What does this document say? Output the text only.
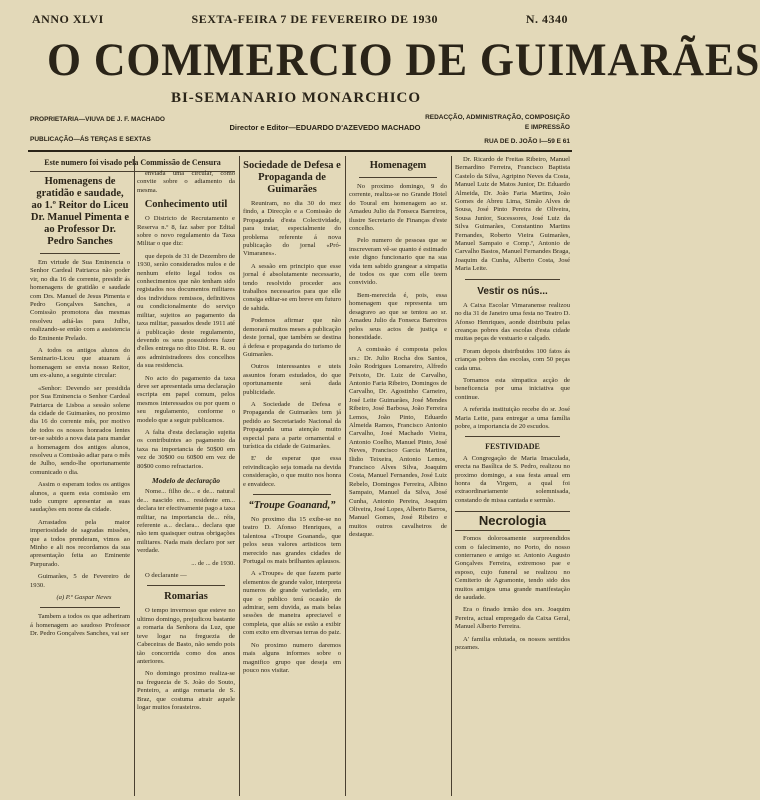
ANNO XLVI	SEXTA-FEIRA 7 DE FEVEREIRO DE 1930	N. 4340
O COMMERCIO DE GUIMARÃES
BI-SEMANARIO MONARCHICO
PROPRIETARIA—VIUVA DE J. F. MACHADO
PUBLICAÇÃO—ÁS TERÇAS E SEXTAS
Director e Editor—EDUARDO D'AZEVEDO MACHADO
REDACÇÃO, ADMINISTRAÇÃO, COMPOSIÇÃO E IMPRESSÃO
RUA DE D. JOÃO I—59 E 61
Este numero foi visado pela Commissão de Censura
Homenagens de gratidão e saudade, ao 1.º Reitor do Liceu Dr. Manuel Pimenta e ao Professor Dr. Pedro Sanches

Em virtude de Sua Eminencia o Senhor Cardeal Patriarca não poder vir, no dia 16 de corrente, presidir ás homenagens de gratidão e saudade com Drs. Manuel de Jesus Pimenta e Pedro Gonçalves Sanches, a Comissão promotora das mesmas resolveu adiá-las para Julho, realizando-se então com a assistencia do Eminente Prelado.

A todos os antigos alunos do Seminario-Liceu que atuaram á homenagem se envia nosso Reitor, um ex-aluno, a seguinte circular:

«Senhor: Devendo ser presidida por Sua Eminencia o Senhor Cardeal Patriarca de Lisboa a sessão solene da cidade de Guimarães, no proximo dia 16 do corrente mês, por motivo de todos os nossos honrados lentes ter-se sabido a nova data para mandar a homenagem dos antigos alunos, resolveu a Comissão adiar para o mês de Julho, sendo-lhe oportunamente comunicado o dia.

Assim o esperam todos os antigos alunos, a quem esta comissão em tudo cumpre apresentar as suas saudações em nome da cidade.

Arrastados pela maior imperiosidade de sagradas missões, que a todos prenderam, vimos ao Minho e ali nos recordamos da sua apresentação feita ao Eminente Purpurado.

Guimarães, 5 de Fevereiro de 1930.

(a) P.º Gaspar Neves

Tambem a todos os que adheriram á homenagem ao saudoso Professor Dr. Pedro Gonçalves Sanches, vai ser

enviada uma circular, como convite sobre o adiamento da mesma.

Conhecimento util

O Districto de Recrutamento e Reserva n.º 8, faz saber por Edital sobre o novo regulamento da Taxa Militar o que diz:

que depois de 31 de Dezembro de 1930, serão considerados nulos e de nenhum efeito legal todos os conhecimentos que não tenham sido registados nos documentos militares dos individuos remissos, definitivos ou condicionalmente do serviço militar, sujeitos ao pagamento da taxa militar, passados desde 1911 até á publicação deste regulamento, devendo os seus possuidores fazer d'elles entrega no dito Dist. R. R. ou aos administradores dos concelhos da sua residencia.

No acto do pagamento da taxa deve ser apresentada uma declaração escripta em papel comum, pelos mesmos interessados ou por quem o seu regulamento, conforme o modelo que a seguir publicamos.

A falta d'esta declaração sujeita os contribuintes ao pagamento da taxa na importancia de 50$00 em vez de 30$00 ou 60$00 em vez de 80$00 como refractarios.

Modelo de declaração

Nome... filho de... e de... natural de... nascido em... residente em... declara ter efectivamente pago a taxa militar, na importancia de... réis, referente a... declara... declara que não tem quaisquer outras obrigações militares. Nada mais declaro por ser verdade.

... de ... de 1930.

O declarante —

Romarias

O tempo invernoso que esteve no ultimo domingo, prejudicou bastante a romaria da Senhora da Luz, que teve logar na freguezia de Cabeceiras de Basto, não sendo pois tão concorrida como dos anos anteriores.

No domingo proximo realiza-se na freguezia de S. João do Souto, Penteiro, a antiga romaria de S. Braz, que costuma atrair aquele logar muitos forasteiros.

Sociedade de Defesa e Propaganda de Guimarães

Reuniram, no dia 30 do mez findo, a Direcção e a Comissão de Propaganda d'esta Colectividade, para tratar, especialmente do problema referente á nova publicação do jornal «Pró-Vimaranes».

A sessão em principio que esse jornal é absolutamente necessario, tendo resolvido proceder aos trabalhos necessarios para que elle consiga editar-se em breve em futuro de sahida.

Podemos afirmar que não demorará muitos meses a publicação deste jornal, que também se destina á defesa e propaganda do turismo de Guimarães.

Outros interessantes e uteis assuntos foram estudados, do que oportunamente será dada publicidade.

A Sociedade de Defesa e Propaganda de Guimarães tem já pedido ao Secretariado Nacional da Propaganda uma atenção muito especial para a parte ornamental e turística da cidade de Guimarães.

E' de esperar que essa reivindicação seja tomada na devida consideração, o que muito nos honra e envaidece.

“Troupe Goanand,”

No proximo dia 15 exibe-se no teatro D. Afonso Henriques, a talentosa «Troupe Goanand», que pelos seus valores artisticos tem merecido nas grandes cidades de Portugal os mais brilhantes aplausos.

A «Troupe» de que fazem parte elementos de grande valor, interpreta numeros de grande variedade, em que o publico terá ocasião de admirar, sem duvida, as mais belas sessões de maneira apreciavel e completa, que aliás se estão a exibir com exito em diversas terras do paiz.

No proximo numero daremos mais alguns informes sobre o magnifico grupo que deseja em pouco nos visitar.

Homenagem

No proximo domingo, 9 do corrente, realiza-se no Grande Hotel do Toural em homenagem ao sr. Amadeu Julio da Fonseca Barreiros, ilustre Secretario de Finanças d'este concelho.

Pelo numero de pessoas que se inscreveram vê-se quanto é estimado este digno funcionario que na sua vida tem sabido grangear a simpatia de todos os que com elle teem convivido.

Bem-merecida é, pois, essa homenagem que representa um desagravo ao que se tentou ao sr. Amadeu Julio da Fonseca Barreiros pelos seus actos de justiça e honestidade.

A comissão é composta pelos srs.: Dr. Julio Rocha dos Santos, João Rodrigues Lomareiro, Alfredo Peixoto, Dr. Luiz de Carvalho, Antonio Faria Ribeiro, Domingos de Carvalho, Dr. Agostinho Carneiro, José Leite Guimarães, José Mendes Ribeiro, José Barbosa, João Ferreira Lemos, João Pinto, Eduardo Almeida Ramos, Francisco Antonio Carvalho, José Machado Vieira, Antonio Coelho, Manuel Pinto, José Neves, Francisco Garcia Martins, Ilidio Teixeira, Antonio Lemos, Francisco Alves Silva, Joaquim Costa, Manuel Fernandes, José Luiz Rebelo, Domingos Ferreira, Albino Sampaio, Manuel da Silva, José Cunha, Antonio Pereira, Joaquim Oliveira, José Lopes, Alberto Barros, Manuel Gomes, José Ribeiro e muitos outros cavalheiros de destaque.

Dr. Ricardo de Freitas Ribeiro, Manuel Bernardino Ferreira, Francisco Baptista Castelo da Silva, Agripino Neves da Costa, Manuel Luiz de Matos Junior, Dr. Eduardo Almeida, Dr. João Faria Martins, João Gomes de Abreu Lima, Simão Alves de Sousa, José Pinto Pereira de Oliveira, Sousa Junior, Sucessores, José Luiz da Silva Guimarães, Constantino Martins Fernandes, Roberto Vieira Guimarães, Manuel Sampaio e Comp.ª, Antonio de Carvalho Bastos, Manuel Fernandes Braga, Joaquim da Cunha, Alberto Costa, José Maria Leite.

Vestir os nús...

A Caixa Escolar Vimaranense realizou no dia 31 de Janeiro uma festa no Teatro D. Afonso Henriques, aonde distribuiu pelas creanças pobres das escolas d'esta cidade muitas peças de vestuario e calçado.

Foram depois distribuidos 100 fatos ás crianças pobres das escolas, com 50 peças cada uma.

Tornamos esta simpatica acção de beneficencia por uma iniciativa que continue.

A referida instituição recebe do sr. José Maria Leite, para entregar a uma família pobre, a importancia de 20 escudos.

FESTIVIDADE

A Congregação de Maria Imaculada, erecta na Basílica de S. Pedro, realizou no proximo domingo, a sua festa anual em honra da Virgem, a qual foi extraordinariamente solemnisada, constando de missa cantada e sermão.

Necrologia

Fomos dolorosamente surpreendidos com o falecimento, no Porto, do nosso conterraneo e amigo sr. Antonio Augusto Gonçalves Ferreira, extremoso pae e esposo, cujo funeral se realizou no Cemiterio de Agramonte, tendo sido dos muitos amigos uma grande manifestação de saudade.

Era o finado irmão dos srs. Joaquim Pereira, actual empregado da Caixa Geral, Manuel Alberto Ferreira.

A' familia enlutada, os nossos sentidos pezames.
